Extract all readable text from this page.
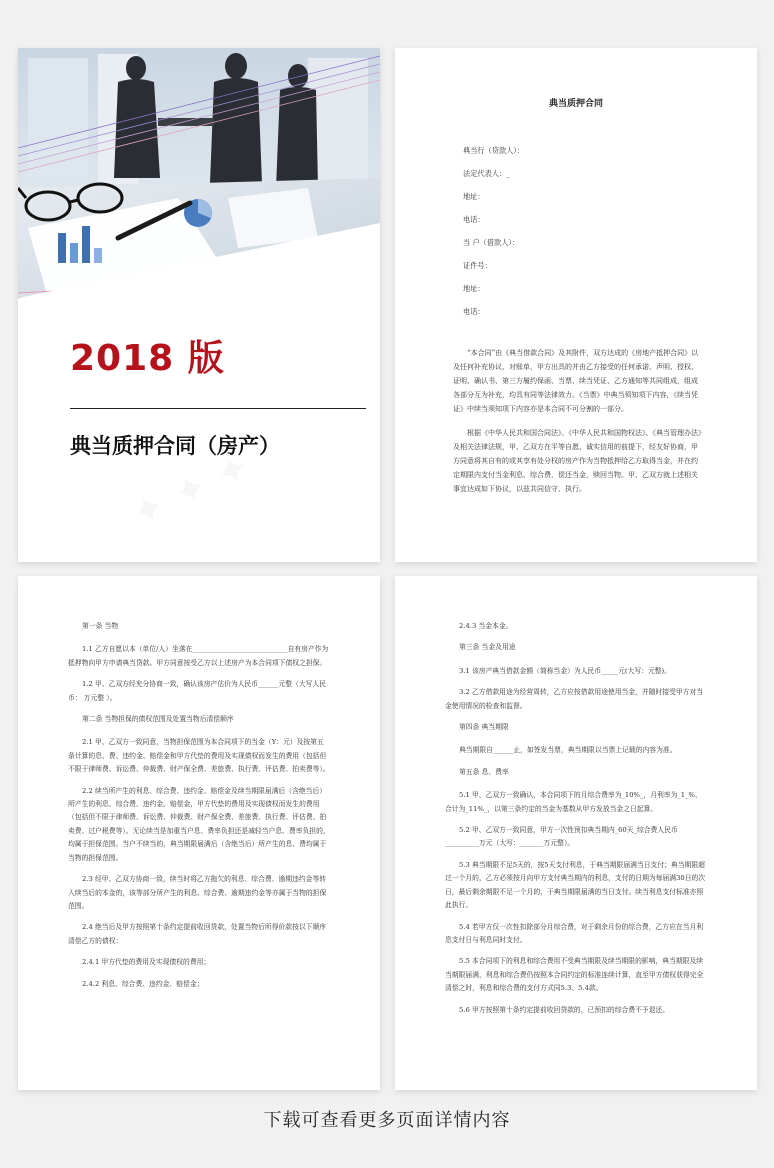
2018 版
典当质押合同（房产）
典当质押合同
典当行（贷款人）：
法定代表人：_
地址：
电话：
当 户（借款人）：
证件号：
地址：
电话：

“本合同”由《典当借款合同》及其附件，双方达成的《房地产抵押合同》以及任何补充协议、对账单，甲方出具的并由乙方接受的任何承诺、声明、授权、证明、确认书、第三方履约保函、当票、续当凭证、乙方通知等共同组成，组成各部分互为补充，均具有同等法律效力。《当票》中典当须知项下内容，《续当凭证》中续当须知项下内容亦是本合同不可分割的一部分。

根据《中华人民共和国合同法》、《中华人民共和国物权法》、《典当管理办法》及相关法律法规，甲、乙双方在平等自愿、诚实信用的前提下，经友好协商，甲方同意将其自有的或其享有处分权的房产作为当物抵押给乙方取得当金，并在约定期限内支付当金利息、综合费，偿还当金，赎回当物。甲、乙双方就上述相关事宜达成如下协议，以兹共同信守、执行。

第一条 当物

1.1 乙方自愿以本（单位/人）坐落在____________________________自有房产作为抵押物向甲方申请典当贷款。甲方同意按受乙方以上述房产为本合同项下债权之担保。

1.2 甲、乙双方经充分协商一致，确认该房产估价为人民币______元整（大写人民币： 万元整 ）。

第二条 当物担保的债权范围及处置当物后清偿顺序

2.1 甲、乙双方一致同意，当物担保范围为本合同项下的当金（Y：元）及按第五条计算的息、费、违约金、赔偿金和甲方代垫的费用及实现债权而发生的费用（包括但不限于律师费、诉讼费、仲裁费、财产保全费、差旅费、执行费、评估费、拍卖费等）。

2.2 续当所产生的利息、综合费、违约金、赔偿金及续当期限届满后（含绝当后）所产生的利息、综合费、违约金、赔偿金，甲方代垫的费用及实现债权而发生的费用（包括但不限于律师费、诉讼费、仲裁费、财产保全费、差旅费、执行费、评估费、拍卖费、过户税费等）。无论续当是加重当户息、费率负担还是减轻当户息、费率负担的，均属于担保范围。当户不续当的，典当期限届满后（含绝当后）所产生的息、费均属于当物的担保范围。

2.3 经甲、乙双方协商一致，续当时将乙方拖欠的利息、综合费、逾期违约金等转入续当后的本金的，该等部分所产生的利息、综合费、逾期违约金等亦属于当物的担保范围。

2.4 绝当后及甲方按照第十条约定提前收回贷款，处置当物后所得价款按以下顺序清偿乙方的债权：

2.4.1 甲方代垫的费用及实现债权的费用；

2.4.2 利息、综合费、违约金、赔偿金；

2.4.3 当金本金。

第三条 当金及用途

3.1 该房产典当借款金额（简称当金）为人民币_____元(大写：元整)。

3.2 乙方借款用途为经营周转，乙方应按借款用途使用当金，并随时接受甲方对当金使用情况的检查和监督。

第四条 典当期限

典当期限自______止，如签发当票，典当期限以当票上记载的内容为准。

第五条 息、费率

5.1 甲、乙双方一致确认，本合同项下的月综合费率为_10%_，月利率为_1_%，合计为_11%_，以第三条约定的当金为基数从甲方发放当金之日起算。

5.2 甲、乙双方一致同意，甲方一次性预扣典当期内_60天_综合费人民币__________万元（大写：_______万元整）。

5.3 典当期限不足5天的，按5天支付利息，于典当期限届满当日支付；典当期限超过一个月的，乙方必须按月向甲方支付典当期内的利息，支付的日期为每届满30日的次日，最后剩余期限不足一个月的，于典当期限届满的当日支付。续当利息支付标准亦照此执行。

5.4 若甲方仅一次性扣除部分月综合费，对于剩余月份的综合费，乙方应在当月利息支付日与利息同时支付。

5.5 本合同项下的利息和综合费用不受典当期限及续当期限的影响，典当期限及续当期限届满，利息和综合费仍按照本合同约定的标准连续计算，直至甲方债权获得完全清偿之时，利息和综合费的支付方式同5.3、5.4款。

5.6 甲方按照第十条约定提前收回贷款的，已预扣的综合费不予退还。

下载可查看更多页面详情内容
